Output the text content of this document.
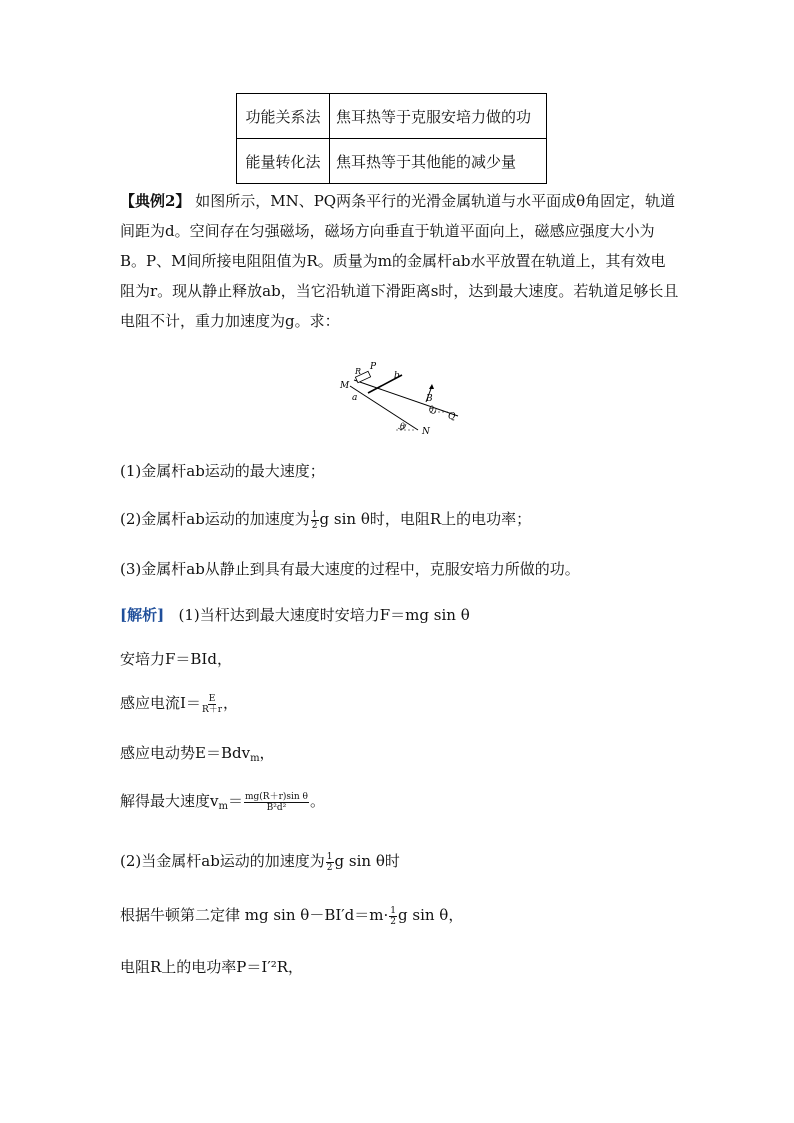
功能关系法	焦耳热等于克服安培力做的功
能量转化法	焦耳热等于其他能的减少量
【典例2】 如图所示，MN、PQ两条平行的光滑金属轨道与水平面成θ角固定，轨道间距为d。空间存在匀强磁场，磁场方向垂直于轨道平面向上，磁感应强度大小为B。P、M间所接电阻阻值为R。质量为m的金属杆ab水平放置在轨道上，其有效电阻为r。现从静止释放ab，当它沿轨道下滑距离s时，达到最大速度。若轨道足够长且电阻不计，重力加速度为g。求：
M
P
R	b
a	B
θ
Q
θ
N
(1)金属杆ab运动的最大速度；
(2)金属杆ab运动的加速度为 $\frac{1}{2}$ g sin θ时，电阻R上的电功率；
(3)金属杆ab从静止到具有最大速度的过程中，克服安培力所做的功。
[解析] (1)当杆达到最大速度时安培力F＝mg sin θ
安培力F＝BId，
感应电流$I= \frac{E}{R+r}$ ，
感应电动势E＝Bdv$_m$，
解得最大速度$v_m= \frac{\text{mg(R＋r)sin θ}}{\text{B²d²}}$ 。
(2)当金属杆ab运动的加速度为 $\frac{1}{2}$ g sin θ时
根据牛顿第二定律 mg $\sin \theta-BI'd=m\cdot \frac{1}{2}$ g sin θ，
电阻R上的电功率P＝I′²R，
